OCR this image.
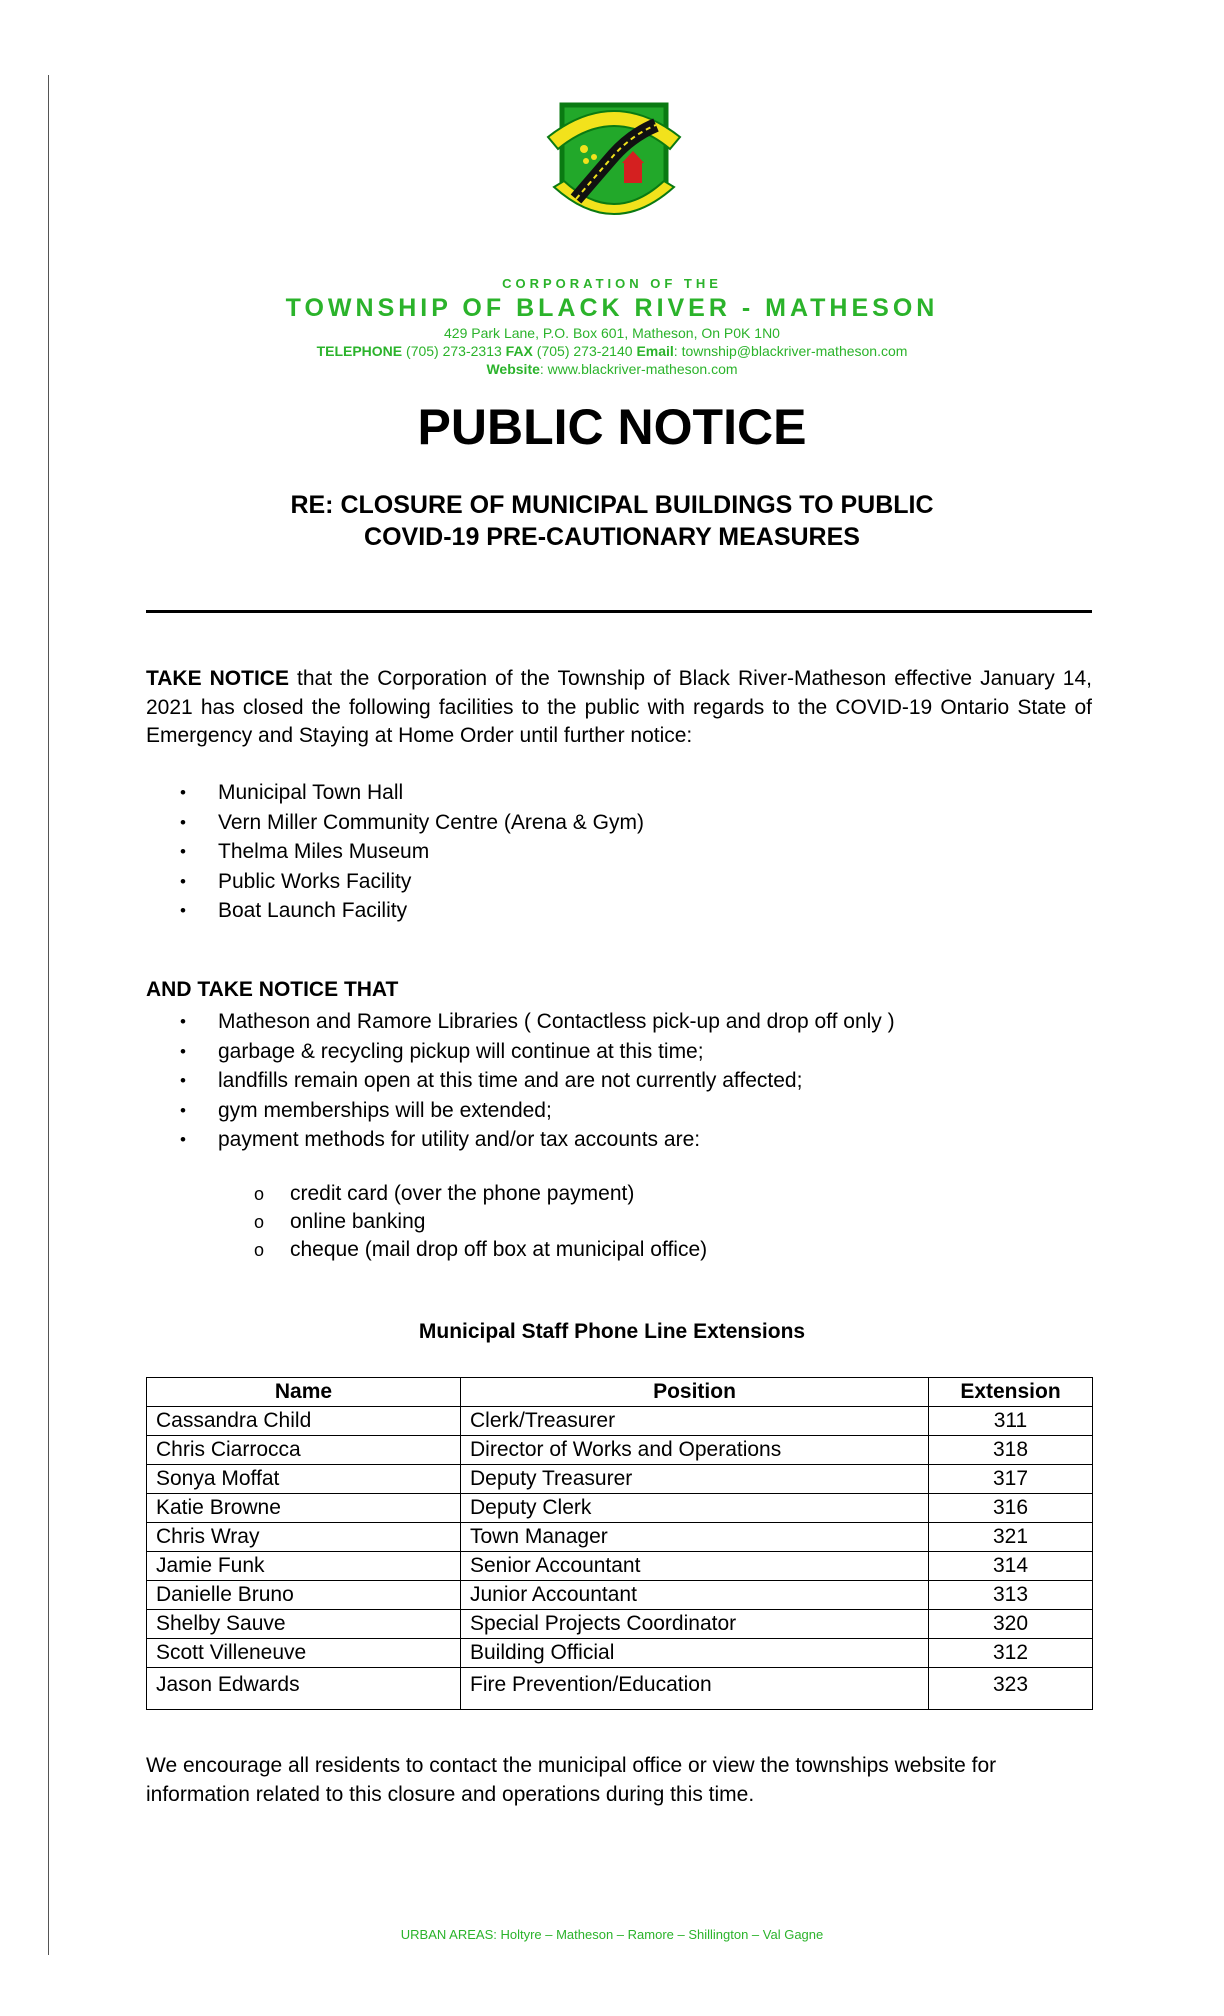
CORPORATION OF THE
TOWNSHIP OF BLACK RIVER - MATHESON
429 Park Lane, P.O. Box 601, Matheson, On P0K 1N0
TELEPHONE (705) 273-2313 FAX (705) 273-2140 Email: township@blackriver-matheson.com
Website: www.blackriver-matheson.com
PUBLIC NOTICE
RE: CLOSURE OF MUNICIPAL BUILDINGS TO PUBLIC
COVID-19 PRE-CAUTIONARY MEASURES
TAKE NOTICE that the Corporation of the Township of Black River-Matheson effective January 14, 2021 has closed the following facilities to the public with regards to the COVID-19 Ontario State of Emergency and Staying at Home Order until further notice:
• Municipal Town Hall
• Vern Miller Community Centre (Arena & Gym)
• Thelma Miles Museum
• Public Works Facility
• Boat Launch Facility
AND TAKE NOTICE THAT
• Matheson and Ramore Libraries ( Contactless pick-up and drop off only )
• garbage & recycling pickup will continue at this time;
• landfills remain open at this time and are not currently affected;
• gym memberships will be extended;
• payment methods for utility and/or tax accounts are:
o credit card (over the phone payment)
o online banking
o cheque (mail drop off box at municipal office)
Municipal Staff Phone Line Extensions
Name	Position	Extension
Cassandra Child	Clerk/Treasurer	311
Chris Ciarrocca	Director of Works and Operations	318
Sonya Moffat	Deputy Treasurer	317
Katie Browne	Deputy Clerk	316
Chris Wray	Town Manager	321
Jamie Funk	Senior Accountant	314
Danielle Bruno	Junior Accountant	313
Shelby Sauve	Special Projects Coordinator	320
Scott Villeneuve	Building Official	312
Jason Edwards	Fire Prevention/Education	323
We encourage all residents to contact the municipal office or view the townships website for information related to this closure and operations during this time.
URBAN AREAS: Holtyre – Matheson – Ramore – Shillington – Val Gagne
